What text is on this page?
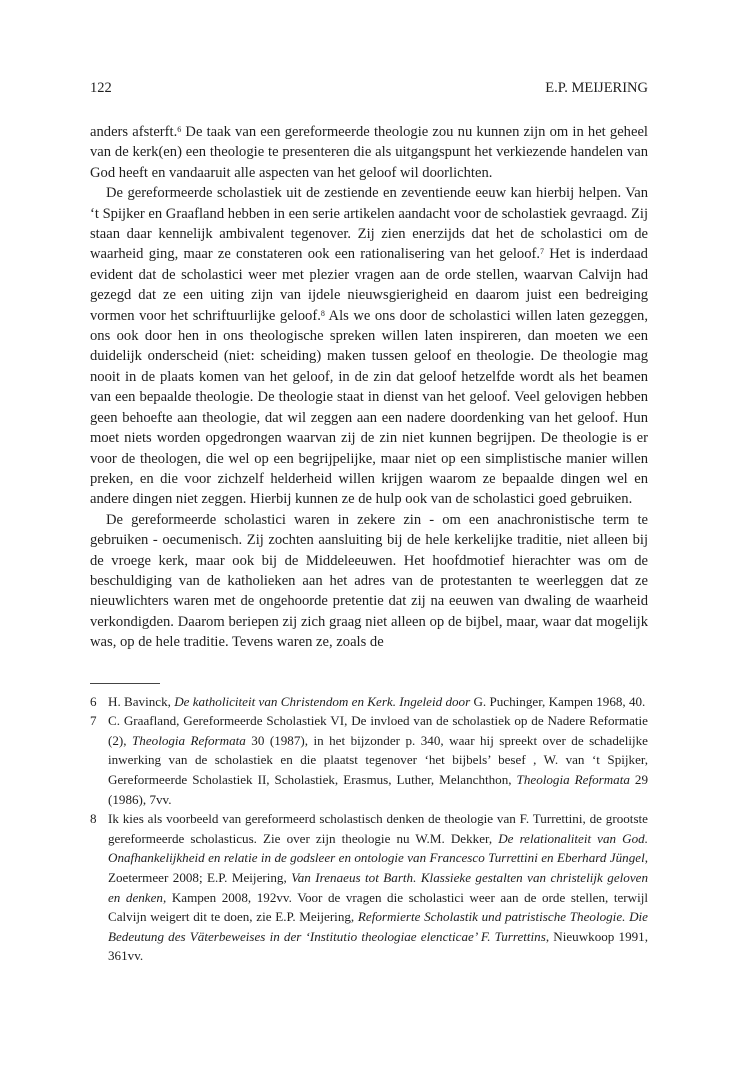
122	E.P. MEIJERING

anders afsterft.$^6$ De taak van een gereformeerde theologie zou nu kunnen zijn om in het geheel van de kerk(en) een theologie te presenteren die als uitgangspunt het verkiezende handelen van God heeft en vandaaruit alle aspecten van het geloof wil doorlichten.

De gereformeerde scholastiek uit de zestiende en zeventiende eeuw kan hierbij helpen. Van ‘t Spijker en Graafland hebben in een serie artikelen aandacht voor de scholastiek gevraagd. Zij staan daar kennelijk ambivalent tegenover. Zij zien enerzijds dat het de scholastici om de waarheid ging, maar ze constateren ook een rationalisering van het geloof.$^7$ Het is inderdaad evident dat de scholastici weer met plezier vragen aan de orde stellen, waarvan Calvijn had gezegd dat ze een uiting zijn van ijdele nieuwsgierigheid en daarom juist een bedreiging vormen voor het schriftuurlijke geloof.$^8$ Als we ons door de scholastici willen laten gezeggen, ons ook door hen in ons theologische spreken willen laten inspireren, dan moeten we een duidelijk onderscheid (niet: scheiding) maken tussen geloof en theologie. De theologie mag nooit in de plaats komen van het geloof, in de zin dat geloof hetzelfde wordt als het beamen van een bepaalde theologie. De theologie staat in dienst van het geloof. Veel gelovigen hebben geen behoefte aan theologie, dat wil zeggen aan een nadere doordenking van het geloof. Hun moet niets worden opgedrongen waarvan zij de zin niet kunnen begrijpen. De theologie is er voor de theologen, die wel op een begrijpelijke, maar niet op een simplistische manier willen preken, en die voor zichzelf helderheid willen krijgen waarom ze bepaalde dingen wel en andere dingen niet zeggen. Hierbij kunnen ze de hulp ook van de scholastici goed gebruiken.

De gereformeerde scholastici waren in zekere zin - om een anachronistische term te gebruiken - oecumenisch. Zij zochten aansluiting bij de hele kerkelijke traditie, niet alleen bij de vroege kerk, maar ook bij de Middeleeuwen. Het hoofdmotief hierachter was om de beschuldiging van de katholieken aan het adres van de protestanten te weerleggen dat ze nieuwlichters waren met de ongehoorde pretentie dat zij na eeuwen van dwaling de waarheid verkondigden. Daarom beriepen zij zich graag niet alleen op de bijbel, maar, waar dat mogelijk was, op de hele traditie. Tevens waren ze, zoals de

6 H. Bavinck, De katholiciteit van Christendom en Kerk. Ingeleid door G. Puchinger, Kampen 1968, 40.
7 C. Graafland, Gereformeerde Scholastiek VI, De invloed van de scholastiek op de Nadere Reformatie (2), Theologia Reformata 30 (1987), in het bijzonder p. 340, waar hij spreekt over de schadelijke inwerking van de scholastiek en die plaatst tegenover ‘het bijbels’ besef , W. van ‘t Spijker, Gereformeerde Scholastiek II, Scholastiek, Erasmus, Luther, Melanchthon, Theologia Reformata 29 (1986), 7vv.
8 Ik kies als voorbeeld van gereformeerd scholastisch denken de theologie van F. Turrettini, de grootste gereformeerde scholasticus. Zie over zijn theologie nu W.M. Dekker, De relationaliteit van God. Onafhankelijkheid en relatie in de godsleer en ontologie van Francesco Turrettini en Eberhard Jüngel, Zoetermeer 2008; E.P. Meijering, Van Irenaeus tot Barth. Klassieke gestalten van christelijk geloven en denken, Kampen 2008, 192vv. Voor de vragen die scholastici weer aan de orde stellen, terwijl Calvijn weigert dit te doen, zie E.P. Meijering, Reformierte Scholastik und patristische Theologie. Die Bedeutung des Väterbeweises in der ‘Institutio theologiae elencticae’ F. Turrettins, Nieuwkoop 1991, 361vv.
